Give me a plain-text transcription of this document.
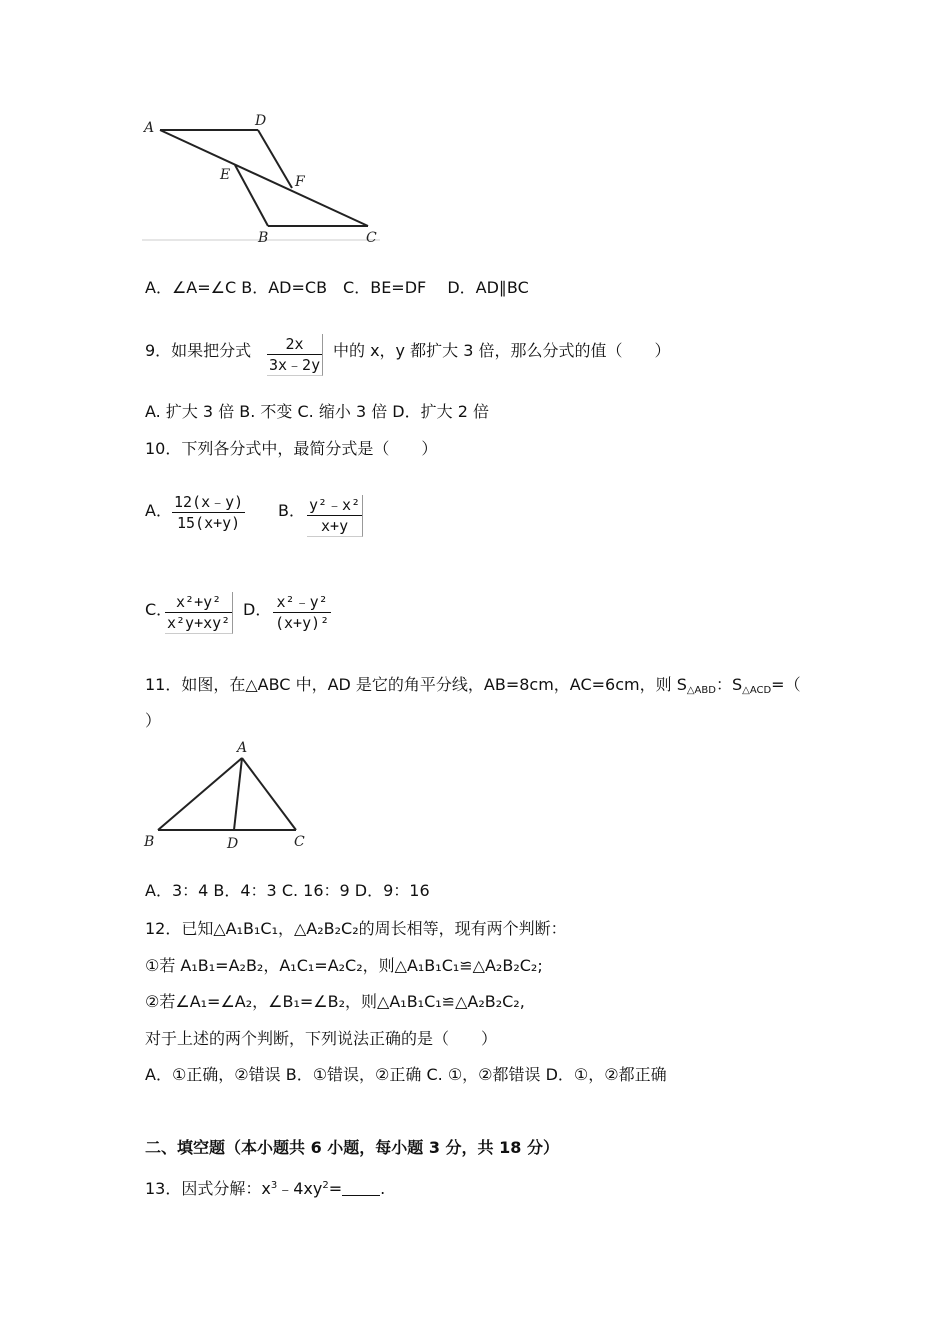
A	D
E	F
B	C
A．∠A=∠C B．AD=CB　C．BE=DF　 D．AD∥BC
9．如果把分式 $\frac{2x}{3x﹣2y}$ 中的 x，y 都扩大 3 倍，那么分式的值（　　）
A. 扩大 3 倍 B. 不变 C. 缩小 3 倍 D．扩大 2 倍
10．下列各分式中，最简分式是（　　）
A． $\frac{12(x﹣y)}{15(x+y)}$ B． $\frac{\text{y²﹣x²}}{x+y}$
C．
$\frac{\text{x²+y²}}{\text{x²y+xy²}}$ D． $\frac{\text{x²﹣y²}}{\text{(x+y)²}}$
11．如图，在△ABC 中，AD 是它的角平分线，AB=8cm，AC=6cm，则 $S_{\triangle ABD}$：$S_{\triangle ACD}=$（
）
A
B	D	C
A．3：4 B．4：3 C. 16：9 D．9：16
12．已知△A₁B₁C₁，△A₂B₂C₂的周长相等，现有两个判断：
①若 A₁B₁=A₂B₂，A₁C₁=A₂C₂，则△A₁B₁C₁≌△A₂B₂C₂;
②若∠A₁=∠A₂，∠B₁=∠B₂，则△A₁B₁C₁≌△A₂B₂C₂,
对于上述的两个判断，下列说法正确的是（　　）
A．①正确，②错误 B．①错误，②正确 C. ①，②都错误 D．①，②都正确
二、填空题（本小题共 6 小题，每小题 3 分，共 18 分）
13．因式分解：$x^3﹣4xy^2=$ .
